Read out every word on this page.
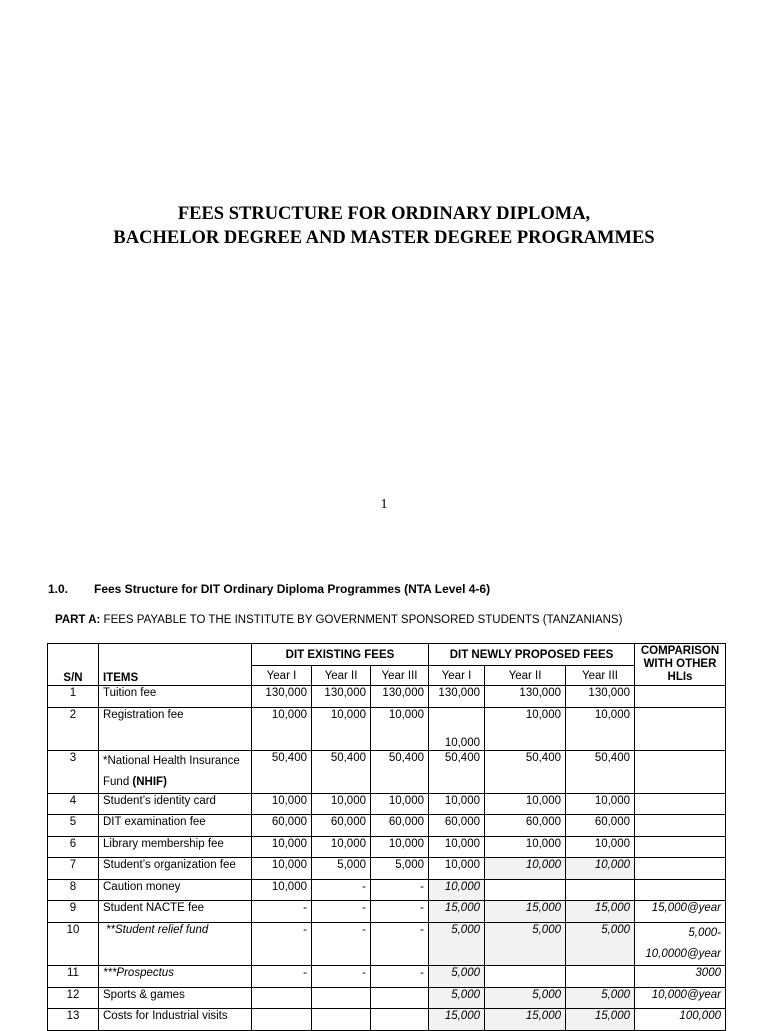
FEES STRUCTURE FOR ORDINARY DIPLOMA,
BACHELOR DEGREE AND MASTER DEGREE PROGRAMMES
1
1.0. Fees Structure for DIT Ordinary Diploma Programmes (NTA Level 4-6)
PART A: FEES PAYABLE TO THE INSTITUTE BY GOVERNMENT SPONSORED STUDENTS (TANZANIANS)
S/N	ITEMS	DIT EXISTING FEES			DIT NEWLY PROPOSED FEES			COMPARISON WITH OTHER HLIs
		Year I	Year II	Year III	Year I	Year II	Year III	
1	Tuition fee	130,000	130,000	130,000	130,000	130,000	130,000	
2	Registration fee	10,000	10,000	10,000	10,000	10,000	10,000	
3	*National Health Insurance
Fund (NHIF)	50,400	50,400	50,400	50,400	50,400	50,400	
4	Student’s identity card	10,000	10,000	10,000	10,000	10,000	10,000	
5	DIT examination fee	60,000	60,000	60,000	60,000	60,000	60,000	
6	Library membership fee	10,000	10,000	10,000	10,000	10,000	10,000	
7	Student’s organization fee	10,000	5,000	5,000	10,000	10,000	10,000	
8	Caution money	10,000	-	-	10,000			
9	Student NACTE fee	-	-	-	15,000	15,000	15,000	15,000@year
10	**Student relief fund	-	-	-	5,000	5,000	5,000	5,000-
10,0000@year
11	***Prospectus	-	-	-	5,000			3000
12	Sports & games				5,000	5,000	5,000	10,000@year
13	Costs for Industrial visits				15,000	15,000	15,000	100,000
